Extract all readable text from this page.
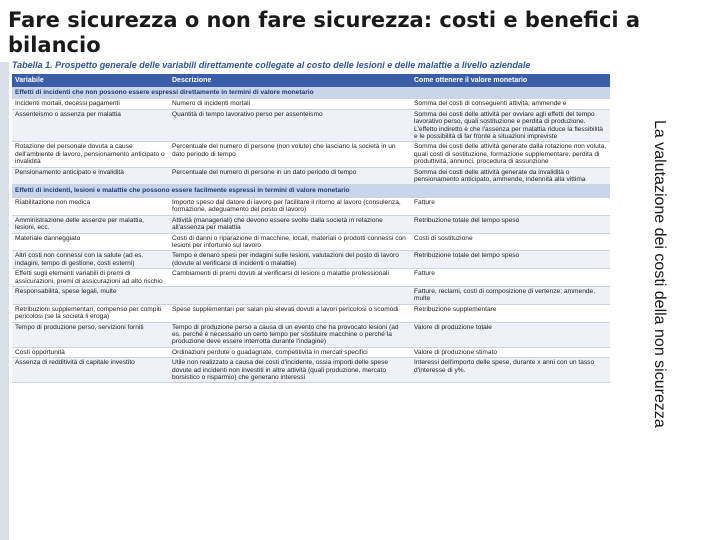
Fare sicurezza o non fare sicurezza: costi e benefici a bilancio
La valutazione dei costi della non sicurezza
Tabella 1. Prospetto generale delle variabili direttamente collegate al costo delle lesioni e delle malattie a livello aziendale
Variabile	Descrizione	Come ottenere il valore monetario
Effetti di incidenti che non possono essere espressi direttamente in termini di valore monetario		
Incidenti mortali, decessi pagamenti	Numero di incidenti mortali	Somma dei costi di conseguenti attività, ammende e
Assenteismo o assenza per malattia	Quantità di tempo lavorativo perso per assenteismo	Somma dei costi delle attività per ovviare agli effetti del tempo lavorativo perso, quali sostituzione e perdita di produzione. L'effetto indiretto è che l'assenza per malattia riduce la flessibilità e le possibilità di far fronte a situazioni impreviste
Rotazione del personale dovuta a cause dell'ambiente di lavoro, pensionamento anticipato o invalidità	Percentuale del numero di persone (non volute) che lasciano la società in un dato periodo di tempo	Somma dei costi delle attività generate dalla rotazione non voluta, quali costi di sostituzione, formazione supplementare, perdita di produttività, annunci, procedura di assunzione
Pensionamento anticipato e invalidità	Percentuale del numero di persone in un dato periodo di tempo	Somma dei costi delle attività generate da invalidità o pensionamento anticipato, ammende, indennità alla vittima
Effetti di incidenti, lesioni e malattie che possono essere facilmente espressi in termini di valore monetario		
Riabilitazione non medica	Importo speso dal datore di lavoro per facilitare il ritorno al lavoro (consulenza, formazione, adeguamento del posto di lavoro)	Fatture
Amministrazione delle assenze per malattia, lesioni, ecc.	Attività (manageriali) che devono essere svolte dalla società in relazione all'assenza per malattia	Retribuzione totale del tempo speso
Materiale danneggiato	Costi di danni o riparazione di macchine, locali, materiali o prodotti connessi con lesioni per infortunio sul lavoro	Costi di sostituzione
Altri costi non connessi con la salute (ad es. indagini, tempo di gestione, costi esterni)	Tempo e denaro spesi per indagini sulle lesioni, valutazioni del posto di lavoro (dovute al verificarsi di incidenti o malattie)	Retribuzione totale del tempo speso
Effetti sugli elementi variabili di premi di assicurazioni, premi di assicurazioni ad alto rischio	Cambiamenti di premi dovuti al verificarsi di lesioni o malattie professionali	Fatture
Responsabilità, spese legali, multe		Fatture, reclami, costi di composizione di vertenze; ammende, multe
Retribuzioni supplementari, compenso per compiti pericolosi (se la società li eroga)	Spese supplementari per salari più elevati dovuti a lavori pericolosi o scomodi	Retribuzione supplementare
Tempo di produzione perso, servizioni forniti	Tempo di produzione perso a causa di un evento che ha provocato lesioni (ad es. perché è necessario un certo tempo per sostituire macchine o perché la produzione deve essere interrotta durante l'indagine)	Valore di produzione totale
Costi opportunità	Ordinazioni perdute o guadagnate, competitività in mercati specifici	Valore di produzione stimato
Assenza di redditività di capitale investito	Utile non realizzato a causa dei costi d'incidente, ossia importi delle spese dovute ad incidenti non investiti in altre attività (quali produzione, mercato borsistico o risparmio) che generano interessi	Interessi dell'importo delle spese, durante x anni con un tasso d'interesse di y%.
